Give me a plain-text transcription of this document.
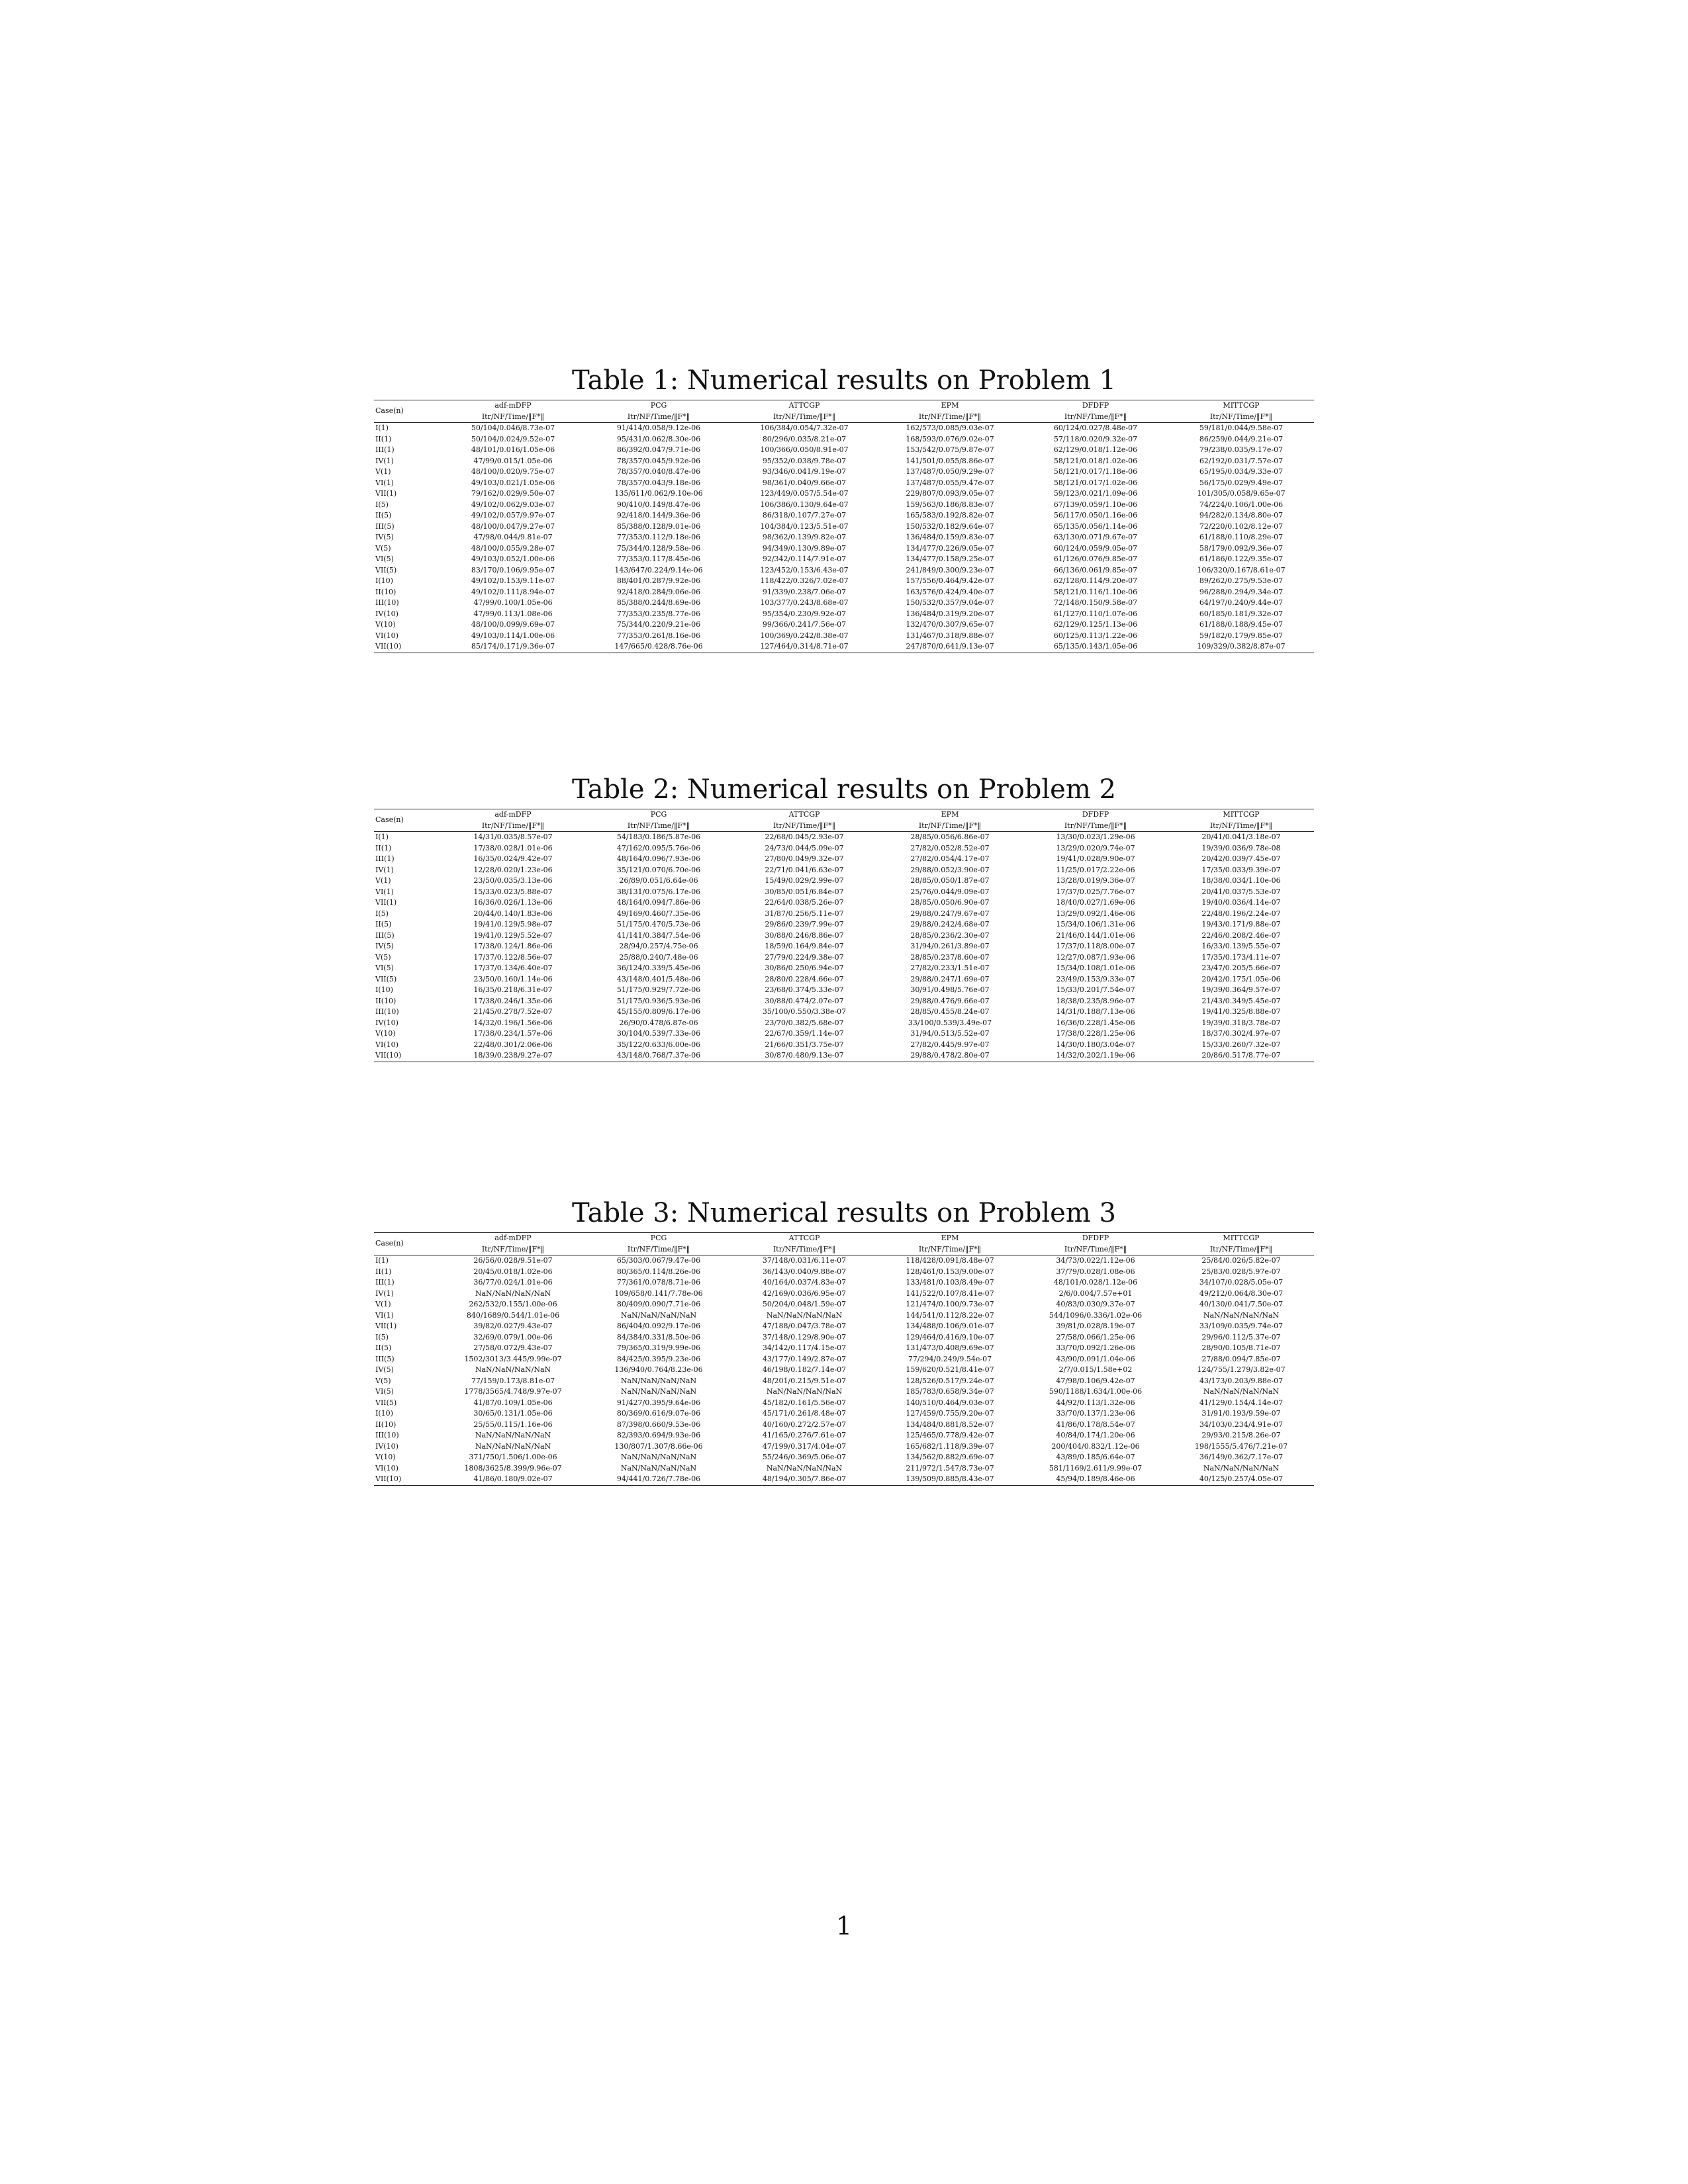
Table 1: Numerical results on Problem 1
Case(n)	adf-mDFP	PCG	ATTCGP	EPM	DFDFP	MITTCGP
	Itr/NF/Time/‖F*‖	Itr/NF/Time/‖F*‖	Itr/NF/Time/‖F*‖	Itr/NF/Time/‖F*‖	Itr/NF/Time/‖F*‖	Itr/NF/Time/‖F*‖
I(1)	50/104/0.046/8.73e-07	91/414/0.058/9.12e-06	106/384/0.054/7.32e-07	162/573/0.085/9.03e-07	60/124/0.027/8.48e-07	59/181/0.044/9.58e-07
II(1)	50/104/0.024/9.52e-07	95/431/0.062/8.30e-06	80/296/0.035/8.21e-07	168/593/0.076/9.02e-07	57/118/0.020/9.32e-07	86/259/0.044/9.21e-07
III(1)	48/101/0.016/1.05e-06	86/392/0.047/9.71e-06	100/366/0.050/8.91e-07	153/542/0.075/9.87e-07	62/129/0.018/1.12e-06	79/238/0.035/9.17e-07
IV(1)	47/99/0.015/1.05e-06	78/357/0.045/9.92e-06	95/352/0.038/9.78e-07	141/501/0.055/8.86e-07	58/121/0.018/1.02e-06	62/192/0.031/7.57e-07
V(1)	48/100/0.020/9.75e-07	78/357/0.040/8.47e-06	93/346/0.041/9.19e-07	137/487/0.050/9.29e-07	58/121/0.017/1.18e-06	65/195/0.034/9.33e-07
VI(1)	49/103/0.021/1.05e-06	78/357/0.043/9.18e-06	98/361/0.040/9.66e-07	137/487/0.055/9.47e-07	58/121/0.017/1.02e-06	56/175/0.029/9.49e-07
VII(1)	79/162/0.029/9.50e-07	135/611/0.062/9.10e-06	123/449/0.057/5.54e-07	229/807/0.093/9.05e-07	59/123/0.021/1.09e-06	101/305/0.058/9.65e-07
I(5)	49/102/0.062/9.03e-07	90/410/0.149/8.47e-06	106/386/0.130/9.64e-07	159/563/0.186/8.83e-07	67/139/0.059/1.10e-06	74/224/0.106/1.00e-06
II(5)	49/102/0.057/9.97e-07	92/418/0.144/9.36e-06	86/318/0.107/7.27e-07	165/583/0.192/8.82e-07	56/117/0.050/1.16e-06	94/282/0.134/8.80e-07
III(5)	48/100/0.047/9.27e-07	85/388/0.128/9.01e-06	104/384/0.123/5.51e-07	150/532/0.182/9.64e-07	65/135/0.056/1.14e-06	72/220/0.102/8.12e-07
IV(5)	47/98/0.044/9.81e-07	77/353/0.112/9.18e-06	98/362/0.139/9.82e-07	136/484/0.159/9.83e-07	63/130/0.071/9.67e-07	61/188/0.110/8.29e-07
V(5)	48/100/0.055/9.28e-07	75/344/0.128/9.58e-06	94/349/0.130/9.89e-07	134/477/0.226/9.05e-07	60/124/0.059/9.05e-07	58/179/0.092/9.36e-07
VI(5)	49/103/0.052/1.00e-06	77/353/0.117/8.45e-06	92/342/0.114/7.91e-07	134/477/0.158/9.25e-07	61/126/0.076/9.85e-07	61/186/0.122/9.35e-07
VII(5)	83/170/0.106/9.95e-07	143/647/0.224/9.14e-06	123/452/0.153/6.43e-07	241/849/0.300/9.23e-07	66/136/0.061/9.85e-07	106/320/0.167/8.61e-07
I(10)	49/102/0.153/9.11e-07	88/401/0.287/9.92e-06	118/422/0.326/7.02e-07	157/556/0.464/9.42e-07	62/128/0.114/9.20e-07	89/262/0.275/9.53e-07
II(10)	49/102/0.111/8.94e-07	92/418/0.284/9.06e-06	91/339/0.238/7.06e-07	163/576/0.424/9.40e-07	58/121/0.116/1.10e-06	96/288/0.294/9.34e-07
III(10)	47/99/0.100/1.05e-06	85/388/0.244/8.69e-06	103/377/0.243/8.68e-07	150/532/0.357/9.04e-07	72/148/0.150/9.58e-07	64/197/0.240/9.44e-07
IV(10)	47/99/0.113/1.08e-06	77/353/0.235/8.77e-06	95/354/0.230/9.92e-07	136/484/0.319/9.20e-07	61/127/0.110/1.07e-06	60/185/0.181/9.32e-07
V(10)	48/100/0.099/9.69e-07	75/344/0.220/9.21e-06	99/366/0.241/7.56e-07	132/470/0.307/9.65e-07	62/129/0.125/1.13e-06	61/188/0.188/9.45e-07
VI(10)	49/103/0.114/1.00e-06	77/353/0.261/8.16e-06	100/369/0.242/8.38e-07	131/467/0.318/9.88e-07	60/125/0.113/1.22e-06	59/182/0.179/9.85e-07
VII(10)	85/174/0.171/9.36e-07	147/665/0.428/8.76e-06	127/464/0.314/8.71e-07	247/870/0.641/9.13e-07	65/135/0.143/1.05e-06	109/329/0.382/8.87e-07
Table 2: Numerical results on Problem 2
Case(n)	adf-mDFP	PCG	ATTCGP	EPM	DFDFP	MITTCGP
	Itr/NF/Time/‖F*‖	Itr/NF/Time/‖F*‖	Itr/NF/Time/‖F*‖	Itr/NF/Time/‖F*‖	Itr/NF/Time/‖F*‖	Itr/NF/Time/‖F*‖
I(1)	14/31/0.035/8.57e-07	54/183/0.186/5.87e-06	22/68/0.045/2.93e-07	28/85/0.056/6.86e-07	13/30/0.023/1.29e-06	20/41/0.041/3.18e-07
II(1)	17/38/0.028/1.01e-06	47/162/0.095/5.76e-06	24/73/0.044/5.09e-07	27/82/0.052/8.52e-07	13/29/0.020/9.74e-07	19/39/0.036/9.78e-08
III(1)	16/35/0.024/9.42e-07	48/164/0.096/7.93e-06	27/80/0.049/9.32e-07	27/82/0.054/4.17e-07	19/41/0.028/9.90e-07	20/42/0.039/7.45e-07
IV(1)	12/28/0.020/1.23e-06	35/121/0.070/6.70e-06	22/71/0.041/6.63e-07	29/88/0.052/3.90e-07	11/25/0.017/2.22e-06	17/35/0.033/9.39e-07
V(1)	23/50/0.035/3.13e-06	26/89/0.051/6.64e-06	15/49/0.029/2.99e-07	28/85/0.050/1.87e-07	13/28/0.019/9.36e-07	18/38/0.034/1.10e-06
VI(1)	15/33/0.023/5.88e-07	38/131/0.075/6.17e-06	30/85/0.051/6.84e-07	25/76/0.044/9.09e-07	17/37/0.025/7.76e-07	20/41/0.037/5.53e-07
VII(1)	16/36/0.026/1.13e-06	48/164/0.094/7.86e-06	22/64/0.038/5.26e-07	28/85/0.050/6.90e-07	18/40/0.027/1.69e-06	19/40/0.036/4.14e-07
I(5)	20/44/0.140/1.83e-06	49/169/0.460/7.35e-06	31/87/0.256/5.11e-07	29/88/0.247/9.67e-07	13/29/0.092/1.46e-06	22/48/0.196/2.24e-07
II(5)	19/41/0.129/5.98e-07	51/175/0.470/5.73e-06	29/86/0.239/7.99e-07	29/88/0.242/4.68e-07	15/34/0.106/1.31e-06	19/43/0.171/9.88e-07
III(5)	19/41/0.129/5.52e-07	41/141/0.384/7.54e-06	30/88/0.246/8.86e-07	28/85/0.236/2.30e-07	21/46/0.144/1.01e-06	22/46/0.208/2.46e-07
IV(5)	17/38/0.124/1.86e-06	28/94/0.257/4.75e-06	18/59/0.164/9.84e-07	31/94/0.261/3.89e-07	17/37/0.118/8.00e-07	16/33/0.139/5.55e-07
V(5)	17/37/0.122/8.56e-07	25/88/0.240/7.48e-06	27/79/0.224/9.38e-07	28/85/0.237/8.60e-07	12/27/0.087/1.93e-06	17/35/0.173/4.11e-07
VI(5)	17/37/0.134/6.40e-07	36/124/0.339/5.45e-06	30/86/0.250/6.94e-07	27/82/0.233/1.51e-07	15/34/0.108/1.01e-06	23/47/0.205/5.66e-07
VII(5)	23/50/0.160/1.14e-06	43/148/0.401/5.48e-06	28/80/0.228/4.66e-07	29/88/0.247/1.69e-07	23/49/0.153/9.33e-07	20/42/0.175/1.05e-06
I(10)	16/35/0.218/6.31e-07	51/175/0.929/7.72e-06	23/68/0.374/5.33e-07	30/91/0.498/5.76e-07	15/33/0.201/7.54e-07	19/39/0.364/9.57e-07
II(10)	17/38/0.246/1.35e-06	51/175/0.936/5.93e-06	30/88/0.474/2.07e-07	29/88/0.476/9.66e-07	18/38/0.235/8.96e-07	21/43/0.349/5.45e-07
III(10)	21/45/0.278/7.52e-07	45/155/0.809/6.17e-06	35/100/0.550/3.38e-07	28/85/0.455/8.24e-07	14/31/0.188/7.13e-06	19/41/0.325/8.88e-07
IV(10)	14/32/0.196/1.56e-06	26/90/0.478/6.87e-06	23/70/0.382/5.68e-07	33/100/0.539/3.49e-07	16/36/0.228/1.45e-06	19/39/0.318/3.78e-07
V(10)	17/38/0.234/1.57e-06	30/104/0.539/7.33e-06	22/67/0.359/1.14e-07	31/94/0.513/5.52e-07	17/38/0.228/1.25e-06	18/37/0.302/4.97e-07
VI(10)	22/48/0.301/2.06e-06	35/122/0.633/6.00e-06	21/66/0.351/3.75e-07	27/82/0.445/9.97e-07	14/30/0.180/3.04e-07	15/33/0.260/7.32e-07
VII(10)	18/39/0.238/9.27e-07	43/148/0.768/7.37e-06	30/87/0.480/9.13e-07	29/88/0.478/2.80e-07	14/32/0.202/1.19e-06	20/86/0.517/8.77e-07
Table 3: Numerical results on Problem 3
Case(n)	adf-mDFP	PCG	ATTCGP	EPM	DFDFP	MITTCGP
	Itr/NF/Time/‖F*‖	Itr/NF/Time/‖F*‖	Itr/NF/Time/‖F*‖	Itr/NF/Time/‖F*‖	Itr/NF/Time/‖F*‖	Itr/NF/Time/‖F*‖
I(1)	26/56/0.028/9.51e-07	65/303/0.067/9.47e-06	37/148/0.031/6.11e-07	118/428/0.091/8.48e-07	34/73/0.022/1.12e-06	25/84/0.026/5.82e-07
II(1)	20/45/0.018/1.02e-06	80/365/0.114/8.26e-06	36/143/0.040/9.88e-07	128/461/0.153/9.00e-07	37/79/0.028/1.08e-06	25/83/0.028/5.97e-07
III(1)	36/77/0.024/1.01e-06	77/361/0.078/8.71e-06	40/164/0.037/4.83e-07	133/481/0.103/8.49e-07	48/101/0.028/1.12e-06	34/107/0.028/5.05e-07
IV(1)	NaN/NaN/NaN/NaN	109/658/0.141/7.78e-06	42/169/0.036/6.95e-07	141/522/0.107/8.41e-07	2/6/0.004/7.57e+01	49/212/0.064/8.30e-07
V(1)	262/532/0.155/1.00e-06	80/409/0.090/7.71e-06	50/204/0.048/1.59e-07	121/474/0.100/9.73e-07	40/83/0.030/9.37e-07	40/130/0.041/7.50e-07
VI(1)	840/1689/0.544/1.01e-06	NaN/NaN/NaN/NaN	NaN/NaN/NaN/NaN	144/541/0.112/8.22e-07	544/1096/0.336/1.02e-06	NaN/NaN/NaN/NaN
VII(1)	39/82/0.027/9.43e-07	86/404/0.092/9.17e-06	47/188/0.047/3.78e-07	134/488/0.106/9.01e-07	39/81/0.028/8.19e-07	33/109/0.035/9.74e-07
I(5)	32/69/0.079/1.00e-06	84/384/0.331/8.50e-06	37/148/0.129/8.90e-07	129/464/0.416/9.10e-07	27/58/0.066/1.25e-06	29/96/0.112/5.37e-07
II(5)	27/58/0.072/9.43e-07	79/365/0.319/9.99e-06	34/142/0.117/4.15e-07	131/473/0.408/9.69e-07	33/70/0.092/1.26e-06	28/90/0.105/8.71e-07
III(5)	1502/3013/3.445/9.99e-07	84/425/0.395/9.23e-06	43/177/0.149/2.87e-07	77/294/0.249/9.54e-07	43/90/0.091/1.04e-06	27/88/0.094/7.85e-07
IV(5)	NaN/NaN/NaN/NaN	136/940/0.764/8.23e-06	46/198/0.182/7.14e-07	159/620/0.521/8.41e-07	2/7/0.015/1.58e+02	124/755/1.279/3.82e-07
V(5)	77/159/0.173/8.81e-07	NaN/NaN/NaN/NaN	48/201/0.215/9.51e-07	128/526/0.517/9.24e-07	47/98/0.106/9.42e-07	43/173/0.203/9.88e-07
VI(5)	1778/3565/4.748/9.97e-07	NaN/NaN/NaN/NaN	NaN/NaN/NaN/NaN	185/783/0.658/9.34e-07	590/1188/1.634/1.00e-06	NaN/NaN/NaN/NaN
VII(5)	41/87/0.109/1.05e-06	91/427/0.395/9.64e-06	45/182/0.161/5.56e-07	140/510/0.464/9.03e-07	44/92/0.113/1.32e-06	41/129/0.154/4.14e-07
I(10)	30/65/0.131/1.05e-06	80/369/0.616/9.07e-06	45/171/0.261/8.48e-07	127/459/0.755/9.20e-07	33/70/0.137/1.23e-06	31/91/0.193/9.59e-07
II(10)	25/55/0.115/1.16e-06	87/398/0.660/9.53e-06	40/160/0.272/2.57e-07	134/484/0.881/8.52e-07	41/86/0.178/8.54e-07	34/103/0.234/4.91e-07
III(10)	NaN/NaN/NaN/NaN	82/393/0.694/9.93e-06	41/165/0.276/7.61e-07	125/465/0.778/9.42e-07	40/84/0.174/1.20e-06	29/93/0.215/8.26e-07
IV(10)	NaN/NaN/NaN/NaN	130/807/1.307/8.66e-06	47/199/0.317/4.04e-07	165/682/1.118/9.39e-07	200/404/0.832/1.12e-06	198/1555/5.476/7.21e-07
V(10)	371/750/1.506/1.00e-06	NaN/NaN/NaN/NaN	55/246/0.369/5.06e-07	134/562/0.882/9.69e-07	43/89/0.185/6.64e-07	36/149/0.362/7.17e-07
VI(10)	1808/3625/8.399/9.96e-07	NaN/NaN/NaN/NaN	NaN/NaN/NaN/NaN	211/972/1.547/8.73e-07	581/1169/2.611/9.99e-07	NaN/NaN/NaN/NaN
VII(10)	41/86/0.180/9.02e-07	94/441/0.726/7.78e-06	48/194/0.305/7.86e-07	139/509/0.885/8.43e-07	45/94/0.189/8.46e-06	40/125/0.257/4.05e-07
1
